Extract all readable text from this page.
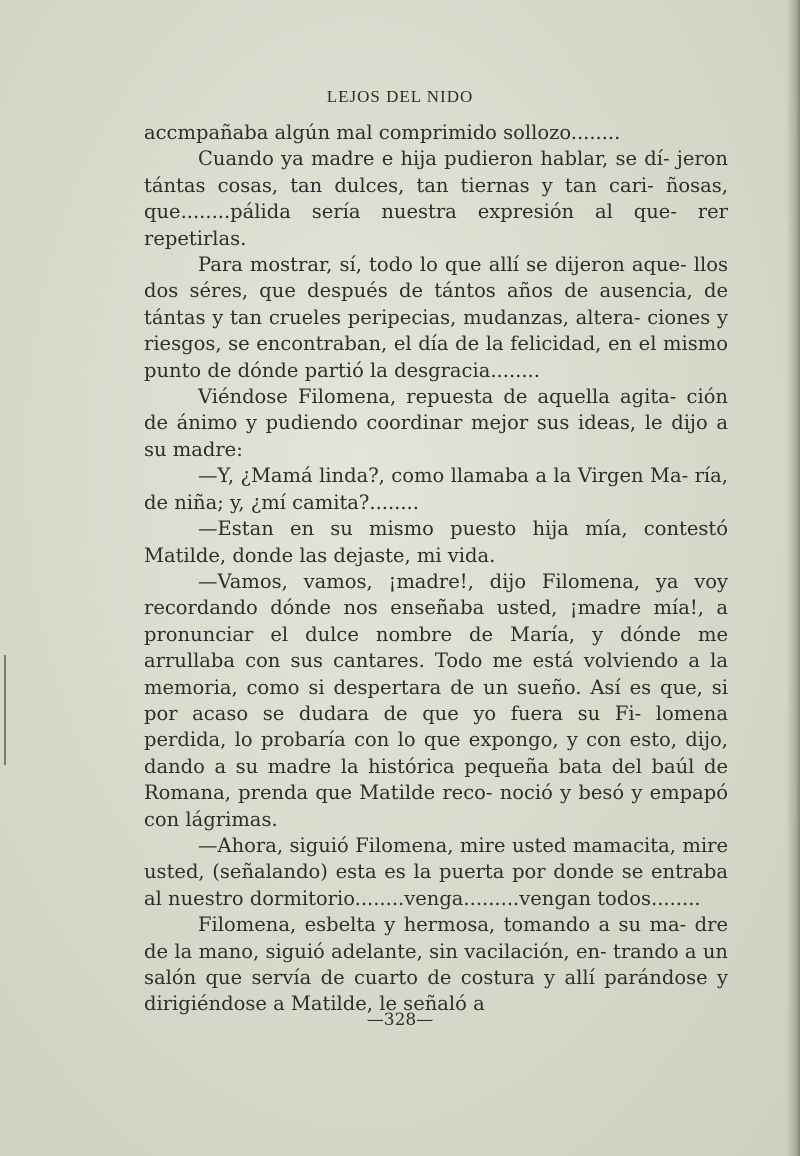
LEJOS DEL NIDO

accmpañaba algún mal comprimido sollozo........

Cuando ya madre e hija pudieron hablar, se dí- jeron tántas cosas, tan dulces, tan tiernas y tan cari- ñosas, que........pálida sería nuestra expresión al que- rer repetirlas.

Para mostrar, sí, todo lo que allí se dijeron aque- llos dos séres, que después de tántos años de ausencia, de tántas y tan crueles peripecias, mudanzas, altera- ciones y riesgos, se encontraban, el día de la felicidad, en el mismo punto de dónde partió la desgracia........

Viéndose Filomena, repuesta de aquella agita- ción de ánimo y pudiendo coordinar mejor sus ideas, le dijo a su madre:

—Y, ¿Mamá linda?, como llamaba a la Virgen Ma- ría, de niña; y, ¿mí camita?........

—Estan en su mismo puesto hija mía, contestó Matilde, donde las dejaste, mi vida.

—Vamos, vamos, ¡madre!, dijo Filomena, ya voy recordando dónde nos enseñaba usted, ¡madre mía!, a pronunciar el dulce nombre de María, y dónde me arrullaba con sus cantares. Todo me está volviendo a la memoria, como si despertara de un sueño. Así es que, si por acaso se dudara de que yo fuera su Fi- lomena perdida, lo probaría con lo que expongo, y con esto, dijo, dando a su madre la histórica pequeña bata del baúl de Romana, prenda que Matilde reco- noció y besó y empapó con lágrimas.

—Ahora, siguió Filomena, mire usted mamacita, mire usted, (señalando) esta es la puerta por donde se entraba al nuestro dormitorio........venga.........vengan todos........

Filomena, esbelta y hermosa, tomando a su ma- dre de la mano, siguió adelante, sin vacilación, en- trando a un salón que servía de cuarto de costura y allí parándose y dirigiéndose a Matilde, le señaló a

—328—
